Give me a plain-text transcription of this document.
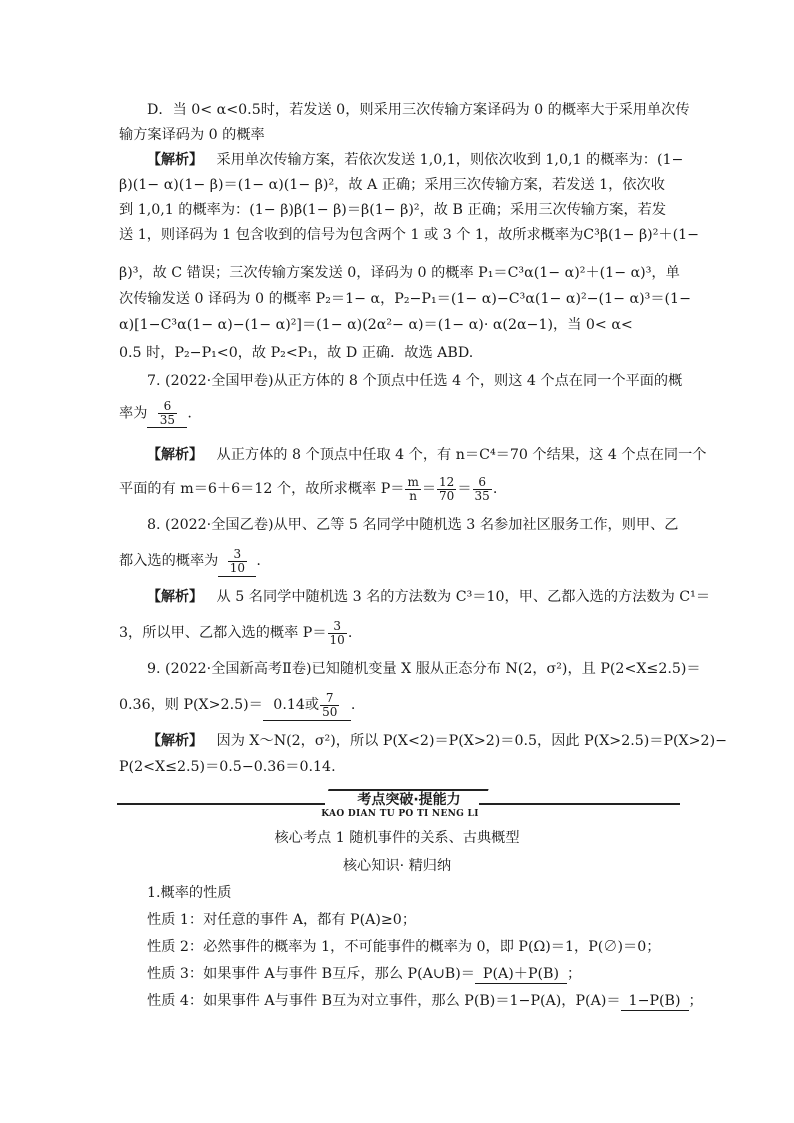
D．当 0< α<0.5时，若发送 0，则采用三次传输方案译码为 0 的概率大于采用单次传
输方案译码为 0 的概率
【解析】 采用单次传输方案，若依次发送 1,0,1，则依次收到 1,0,1 的概率为：(1−
β)(1− α)(1− β)＝(1− α)(1− β)²，故 A 正确；采用三次传输方案，若发送 1，依次收
到 1,0,1 的概率为：(1− β)β(1− β)＝β(1− β)²，故 B 正确；采用三次传输方案，若发
送 1，则译码为 1 包含收到的信号为包含两个 1 或 3 个 1，故所求概率为C³β(1− β)²＋(1−
β)³，故 C 错误；三次传输方案发送 0，译码为 0 的概率 P₁＝C³α(1− α)²＋(1− α)³，单
次传输发送 0 译码为 0 的概率 P₂＝1− α，P₂−P₁＝(1− α)−C³α(1− α)²−(1− α)³＝(1−
α)[1−C³α(1− α)−(1− α)²]＝(1− α)(2α²− α)＝(1− α)· α(2α−1)，当 0< α<
0.5 时，P₂−P₁<0，故 P₂<P₁，故 D 正确．故选 ABD.
7. (2022·全国甲卷)从正方体的 8 个顶点中任选 4 个，则这 4 个点在同一个平面的概
率为 $\frac{6}{35}$ .
【解析】 从正方体的 8 个顶点中任取 4 个，有 n＝C⁴＝70 个结果，这 4 个点在同一个
平面的有 m＝6＋6＝12 个，故所求概率 $P= \frac{m}{n} = \frac{12}{70} = \frac{6}{35}$ .
8. (2022·全国乙卷)从甲、乙等 5 名同学中随机选 3 名参加社区服务工作，则甲、乙
都入选的概率为 $\frac{3}{10}$ .
【解析】 从 5 名同学中随机选 3 名的方法数为 C³＝10，甲、乙都入选的方法数为 C¹＝
3，所以甲、乙都入选的概率 $P= \frac{3}{10}$ .
9. (2022·全国新高考Ⅱ卷)已知随机变量 X 服从正态分布 N(2，σ²)，且 P(2<X≤2.5)＝
0.36，则 P(X>2.5)＝ 0.14或 $\frac{7}{50}$ .
【解析】 因为 X～N(2，σ²)，所以 P(X<2)＝P(X>2)＝0.5，因此 P(X>2.5)＝P(X>2)−
P(2<X≤2.5)＝0.5−0.36＝0.14.
考点突破·提能力
KAO DIAN TU PO TI NENG LI
核心考点 1 随机事件的关系、古典概型
核心知识· 精归纳
1.概率的性质
性质 1：对任意的事件 A，都有 P(A)≥0；
性质 2：必然事件的概率为 1，不可能事件的概率为 0，即 P(Ω)＝1，P(∅)＝0；
性质 3：如果事件 A与事件 B互斥，那么 P(A∪B)＝ P(A)＋P(B) ；
性质 4：如果事件 A与事件 B互为对立事件，那么 P(B)＝1−P(A)，P(A)＝ 1−P(B) ；
